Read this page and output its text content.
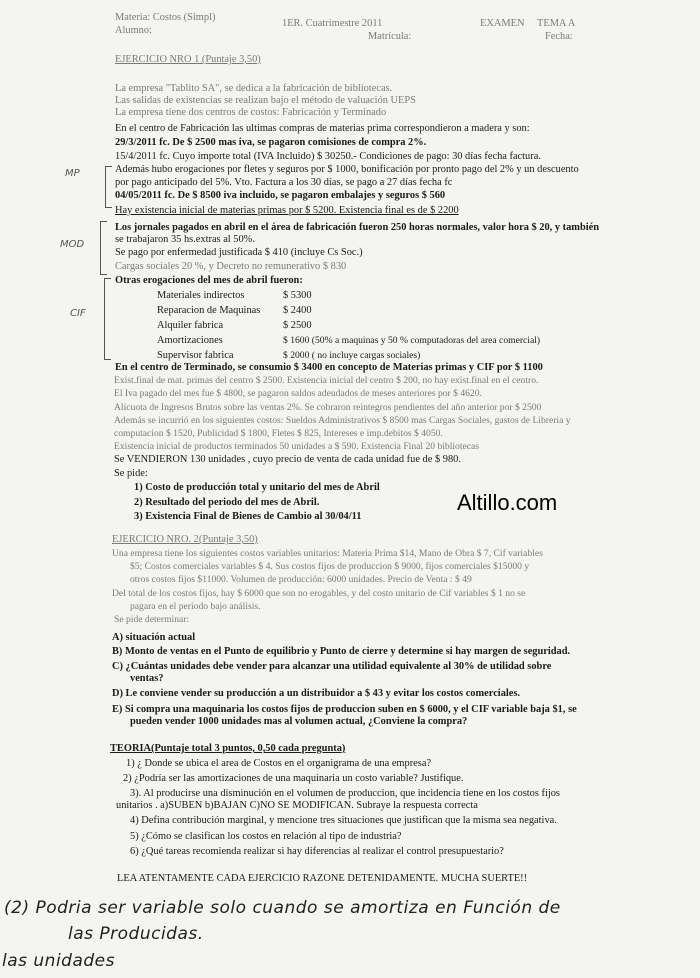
Materia: Costos (Simpl)
Alumno:
1ER. Cuatrimestre 2011	EXAMEN TEMA A
Matrícula:	Fecha:
EJERCICIO NRO 1 (Puntaje 3,50)
La empresa "Tablito SA", se dedica a la fabricación de bibliotecas.
Las salidas de existencias se realizan bajo el método de valuación UEPS
La empresa tiene dos centros de costos: Fabricación y Terminado
En el centro de Fabricación las ultimas compras de materias prima correspondieron a madera y son:
29/3/2011 fc. De $ 2500 mas iva, se pagaron comisiones de compra 2%.
15/4/2011 fc. Cuyo importe total (IVA Incluido) $ 30250.- Condiciones de pago: 30 días fecha factura.
Además hubo erogaciones por fletes y seguros por $ 1000, bonificación por pronto pago del 2% y un descuento
por pago anticipado del 5%. Vto. Factura a los 30 días, se pago a 27 días fecha fc
04/05/2011 fc. De $ 8500 iva incluido, se pagaron embalajes y seguros $ 560
Hay existencia inicial de materias primas por $ 5200. Existencia final es de $ 2200
Los jornales pagados en abril en el área de fabricación fueron 250 horas normales, valor hora $ 20, y también
se trabajaron 35 hs.extras al 50%.
Se pago por enfermedad justificada $ 410 (incluye Cs Soc.)
Cargas sociales 20 %, y Decreto no remunerativo $ 830
Otras erogaciones del mes de abril fueron:
Materiales indirectos	$ 5300
Reparacion de Maquinas $ 2400
Alquiler fabrica	$ 2500
Amortizaciones	$ 1600 (50% a maquinas y 50 % computadoras del area comercial)
Supervisor fabrica	$ 2000 ( no incluye cargas sociales)
En el centro de Terminado, se consumio $ 3400 en concepto de Materias primas y CIF por $ 1100
Exist.final de mat. primas del centro $ 2500. Existencia inicial del centro $ 200, no hay exist.final en el centro.
El Iva pagado del mes fue $ 4800, se pagaron saldos adeudados de meses anteriores por $ 4620.
Alícuota de Ingresos Brutos sobre las ventas 2%. Se cobraron reintegros pendientes del año anterior por $ 2500
Además se incurrió en los siguientes costos: Sueldos Administrativos $ 8500 mas Cargas Sociales, gastos de Libreria y
computacion $ 1520, Publicidad $ 1800, Fletes $ 825, Intereses e imp.debitos $ 4050.
Existencia inicial de productos terminados 50 unidades a $ 590. Existencia Final 20 bibliotecas
Se VENDIERON 130 unidades , cuyo precio de venta de cada unidad fue de $ 980.
Se pide:
1) Costo de producción total y unitario del mes de Abril
2) Resultado del periodo del mes de Abril.
3) Existencia Final de Bienes de Cambio al 30/04/11
MP
MOD
CIF
Altillo.com
EJERCICIO NRO. 2(Puntaje 3,50)
Una empresa tiene los siguientes costos variables unitarios: Materia Prima $14, Mano de Obra $ 7, Cif variables
$5; Costos comerciales variables $ 4. Sus costos fijos de produccion $ 9000, fijos comerciales $15000 y
otros costos fijos $11000. Volumen de producción: 6000 unidades. Precio de Venta : $ 49
Del total de los costos fijos, hay $ 6000 que son no erogables, y del costo unitario de Cif variables $ 1 no se
pagara en el periodo bajo análisis.
Se pide determinar:
A) situación actual
B) Monto de ventas en el Punto de equilibrio y Punto de cierre y determine si hay margen de seguridad.
C) ¿Cuántas unidades debe vender para alcanzar una utilidad equivalente al 30% de utilidad sobre
ventas?
D) Le conviene vender su producción a un distribuidor a $ 43 y evitar los costos comerciales.
E) Si compra una maquinaria los costos fijos de produccion suben en $ 6000, y el CIF variable baja $1, se
pueden vender 1000 unidades mas al volumen actual, ¿Conviene la compra?
TEORIA(Puntaje total 3 puntos, 0,50 cada pregunta)
1) ¿ Donde se ubica el area de Costos en el organigrama de una empresa?
2) ¿Podría ser las amortizaciones de una maquinaria un costo variable? Justifique.
3). Al producirse una disminución en el volumen de produccion, que incidencia tiene en los costos fijos
unitarios . a)SUBEN b)BAJAN C)NO SE MODIFICAN. Subraye la respuesta correcta
4) Defina contribución marginal, y mencione tres situaciones que justifican que la misma sea negativa.
5) ¿Cómo se clasifican los costos en relación al tipo de industria?
6) ¿Qué tareas recomienda realizar si hay diferencias al realizar el control presupuestario?
LEA ATENTAMENTE CADA EJERCICIO RAZONE DETENIDAMENTE. MUCHA SUERTE!!
(2) Podria ser variable solo cuando se amortiza en Función de
las Producidas.
las unidades
